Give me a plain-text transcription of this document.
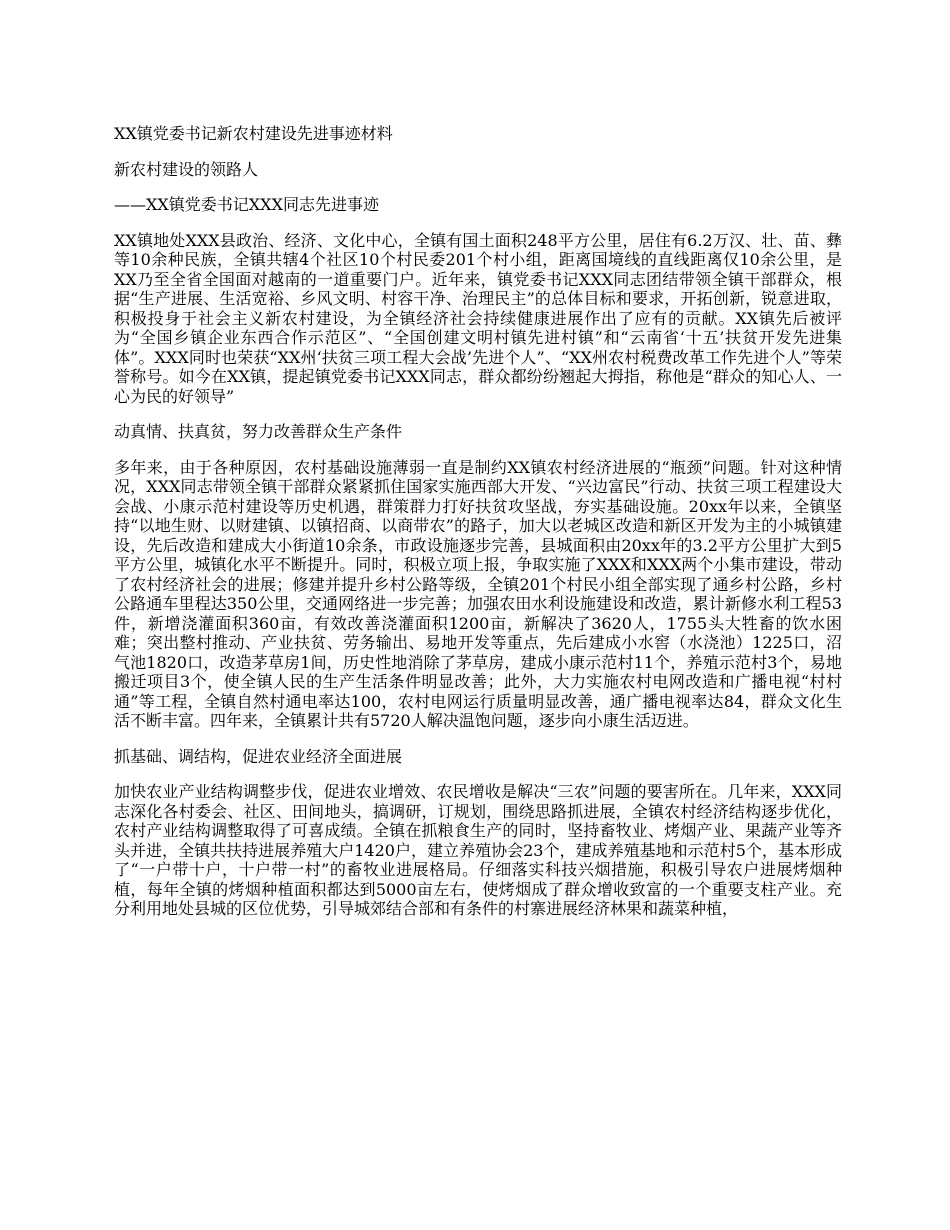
XX镇党委书记新农村建设先进事迹材料
新农村建设的领路人
——XX镇党委书记XXX同志先进事迹
XX镇地处XXX县政治、经济、文化中心，全镇有国土面积248平方公里，居住有6.2万汉、壮、苗、彝等10余种民族，全镇共辖4个社区10个村民委201个村小组，距离国境线的直线距离仅10余公里，是XX乃至全省全国面对越南的一道重要门户。近年来，镇党委书记XXX同志团结带领全镇干部群众，根据“生产进展、生活宽裕、乡风文明、村容干净、治理民主”的总体目标和要求，开拓创新，锐意进取，积极投身于社会主义新农村建设，为全镇经济社会持续健康进展作出了应有的贡献。XX镇先后被评为“全国乡镇企业东西合作示范区”、“全国创建文明村镇先进村镇”和“云南省‘十五’扶贫开发先进集体”。XXX同时也荣获“XX州‘扶贫三项工程大会战’先进个人”、“XX州农村税费改革工作先进个人”等荣誉称号。如今在XX镇，提起镇党委书记XXX同志，群众都纷纷翘起大拇指，称他是“群众的知心人、一心为民的好领导”
动真情、扶真贫，努力改善群众生产条件
多年来，由于各种原因，农村基础设施薄弱一直是制约XX镇农村经济进展的“瓶颈”问题。针对这种情况，XXX同志带领全镇干部群众紧紧抓住国家实施西部大开发、“兴边富民”行动、扶贫三项工程建设大会战、小康示范村建设等历史机遇，群策群力打好扶贫攻坚战，夯实基础设施。20xx年以来，全镇坚持“以地生财、以财建镇、以镇招商、以商带农”的路子，加大以老城区改造和新区开发为主的小城镇建设，先后改造和建成大小街道10余条，市政设施逐步完善，县城面积由20xx年的3.2平方公里扩大到5平方公里，城镇化水平不断提升。同时，积极立项上报，争取实施了XXX和XXX两个小集市建设，带动了农村经济社会的进展；修建并提升乡村公路等级，全镇201个村民小组全部实现了通乡村公路，乡村公路通车里程达350公里，交通网络进一步完善；加强农田水利设施建设和改造，累计新修水利工程53件，新增浇灌面积360亩，有效改善浇灌面积1200亩，新解决了3620人，1755头大牲畜的饮水困难；突出整村推动、产业扶贫、劳务输出、易地开发等重点，先后建成小水窖（水浇池）1225口，沼气池1820口，改造茅草房1间，历史性地消除了茅草房，建成小康示范村11个，养殖示范村3个，易地搬迁项目3个，使全镇人民的生产生活条件明显改善；此外，大力实施农村电网改造和广播电视“村村通”等工程，全镇自然村通电率达100，农村电网运行质量明显改善，通广播电视率达84，群众文化生活不断丰富。四年来，全镇累计共有5720人解决温饱问题，逐步向小康生活迈进。
抓基础、调结构，促进农业经济全面进展
加快农业产业结构调整步伐，促进农业增效、农民增收是解决“三农”问题的要害所在。几年来，XXX同志深化各村委会、社区、田间地头，搞调研，订规划，围绕思路抓进展，全镇农村经济结构逐步优化，农村产业结构调整取得了可喜成绩。全镇在抓粮食生产的同时，坚持畜牧业、烤烟产业、果蔬产业等齐头并进，全镇共扶持进展养殖大户1420户，建立养殖协会23个，建成养殖基地和示范村5个，基本形成了“一户带十户，十户带一村”的畜牧业进展格局。仔细落实科技兴烟措施，积极引导农户进展烤烟种植，每年全镇的烤烟种植面积都达到5000亩左右，使烤烟成了群众增收致富的一个重要支柱产业。充分利用地处县城的区位优势，引导城郊结合部和有条件的村寨进展经济林果和蔬菜种植，
